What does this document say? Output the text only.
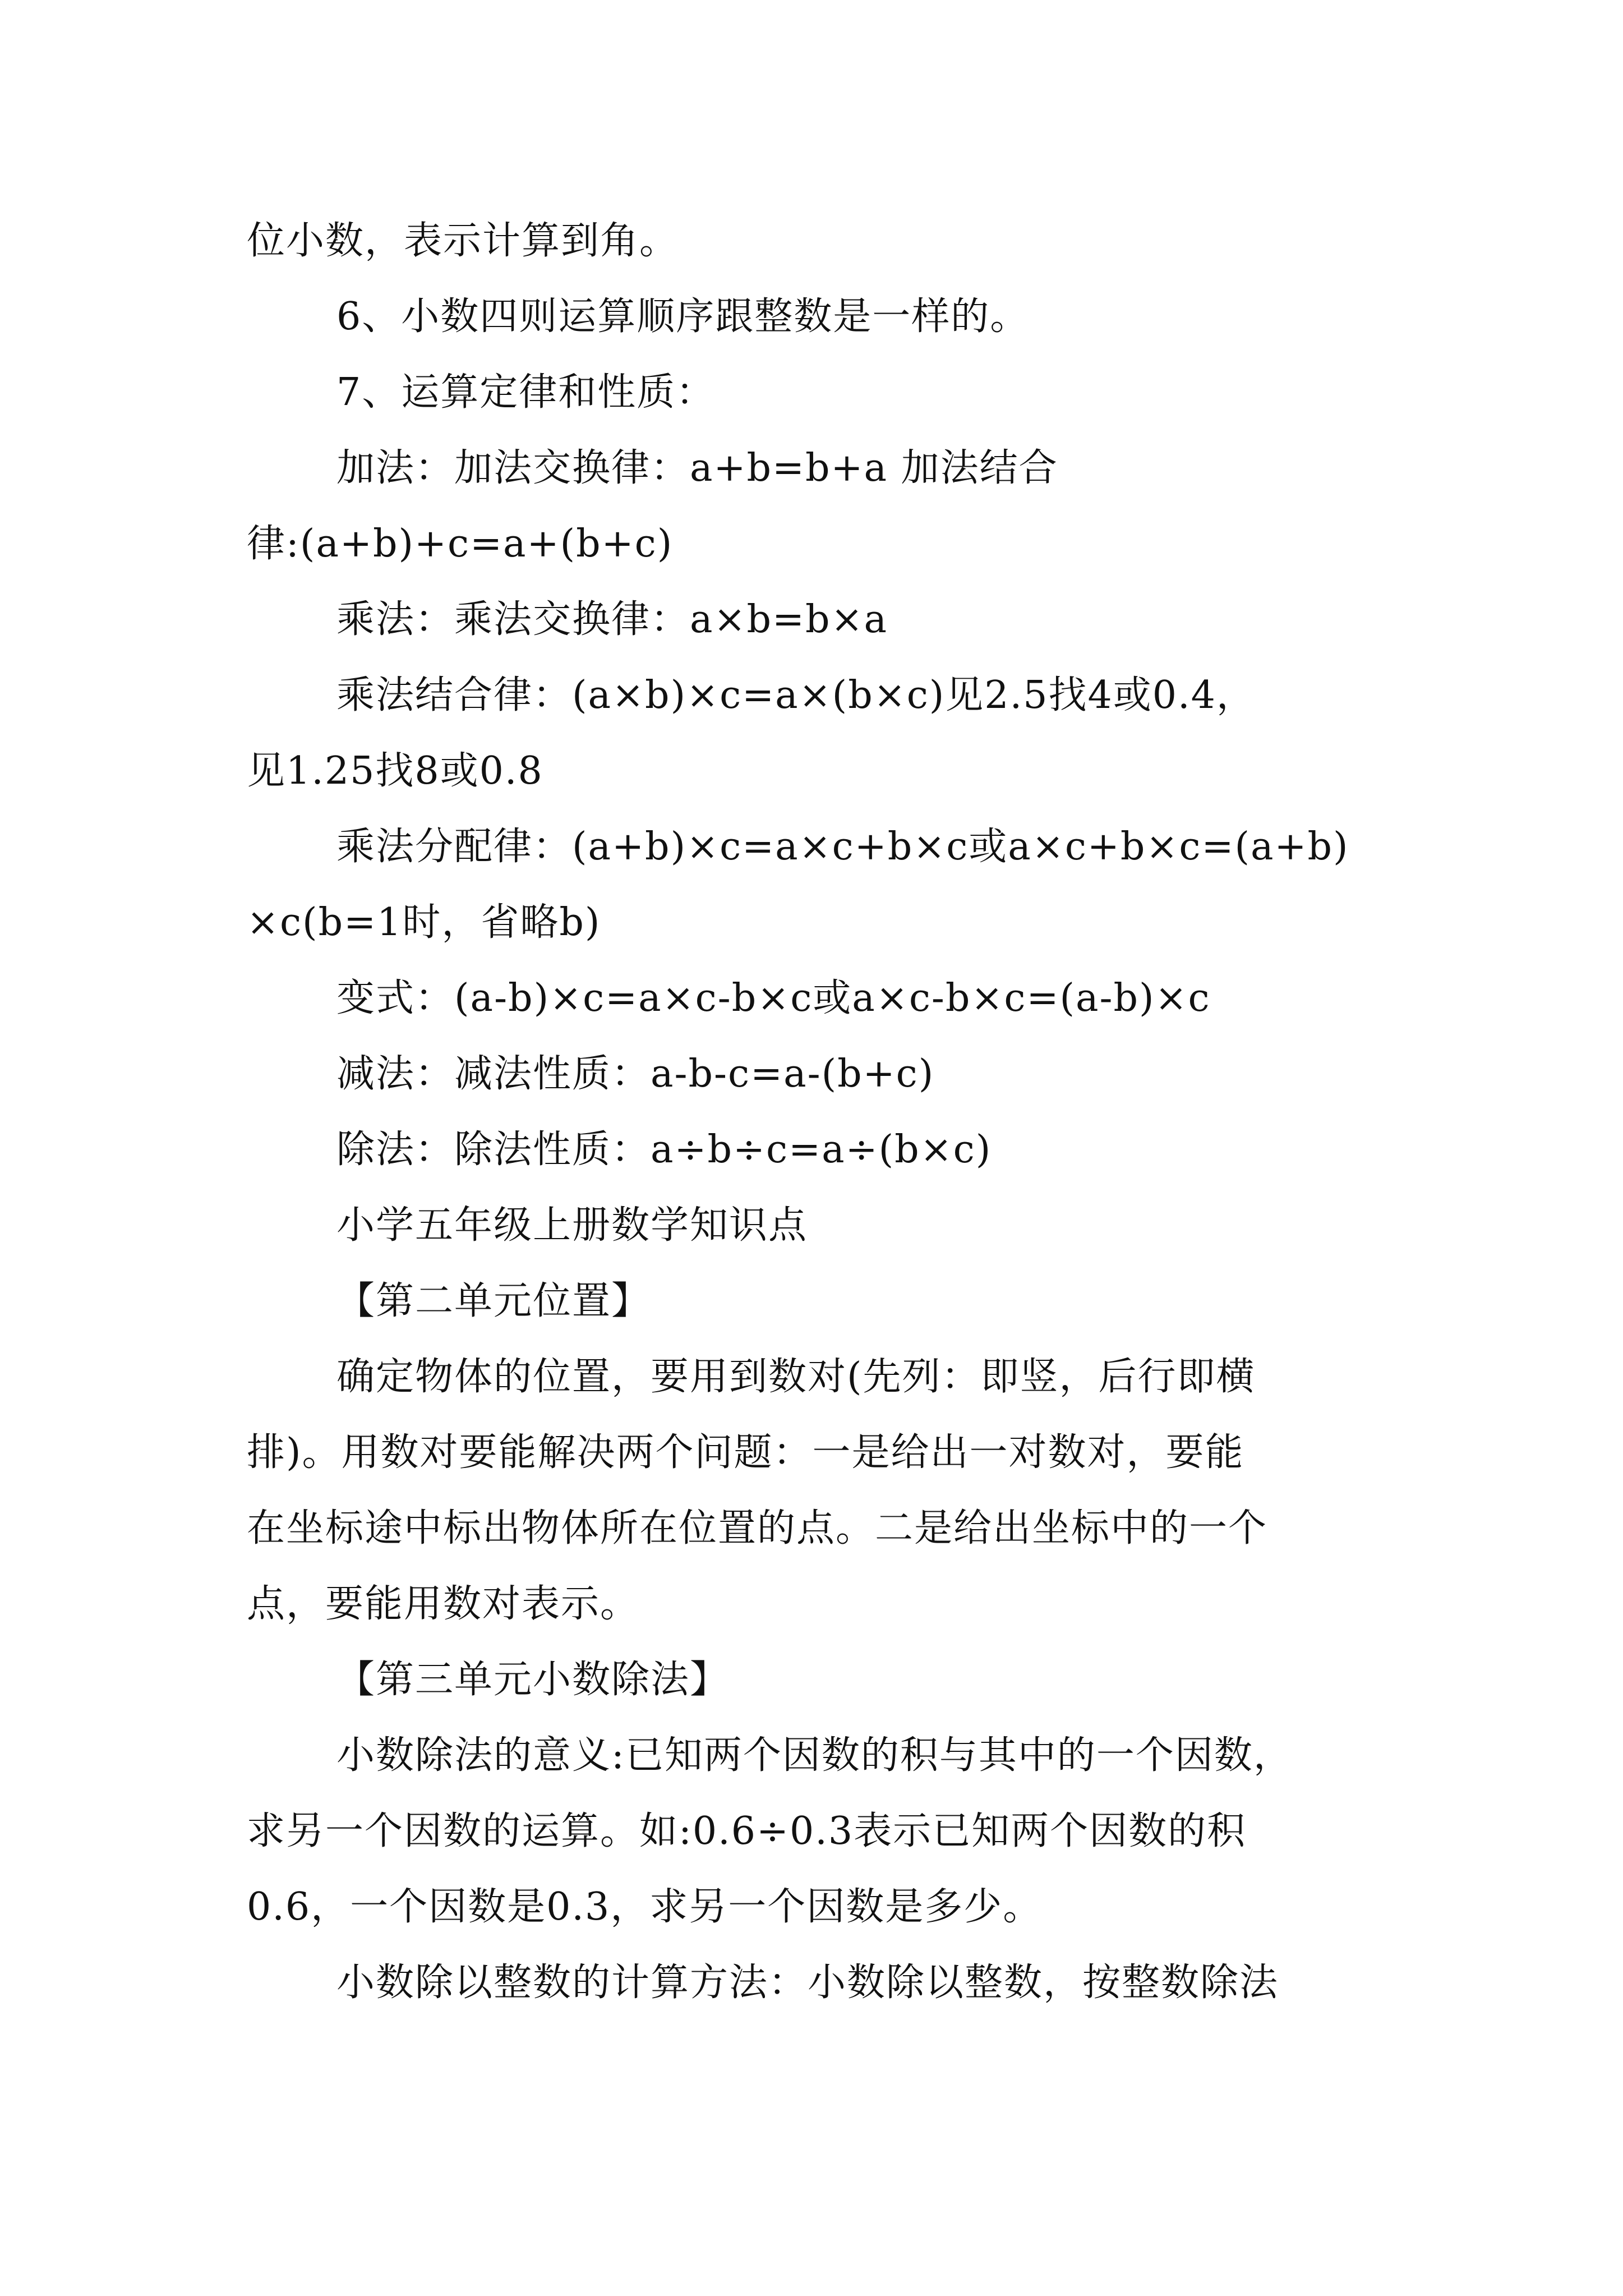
位小数，表示计算到角。
6、小数四则运算顺序跟整数是一样的。
7、运算定律和性质：
加法：加法交换律：a+b=b+a 加法结合
律:(a+b)+c=a+(b+c)
乘法：乘法交换律：a×b=b×a
乘法结合律：(a×b)×c=a×(b×c)见2.5找4或0.4，
见1.25找8或0.8
乘法分配律：(a+b)×c=a×c+b×c或a×c+b×c=(a+b)
×c(b=1时，省略b)
变式：(a-b)×c=a×c-b×c或a×c-b×c=(a-b)×c
减法：减法性质：a-b-c=a-(b+c)
除法：除法性质：a÷b÷c=a÷(b×c)
小学五年级上册数学知识点
【第二单元位置】
确定物体的位置，要用到数对(先列：即竖，后行即横
排)。用数对要能解决两个问题：一是给出一对数对，要能
在坐标途中标出物体所在位置的点。二是给出坐标中的一个
点，要能用数对表示。
【第三单元小数除法】
小数除法的意义:已知两个因数的积与其中的一个因数，
求另一个因数的运算。如:0.6÷0.3表示已知两个因数的积
0.6，一个因数是0.3，求另一个因数是多少。
小数除以整数的计算方法：小数除以整数，按整数除法
